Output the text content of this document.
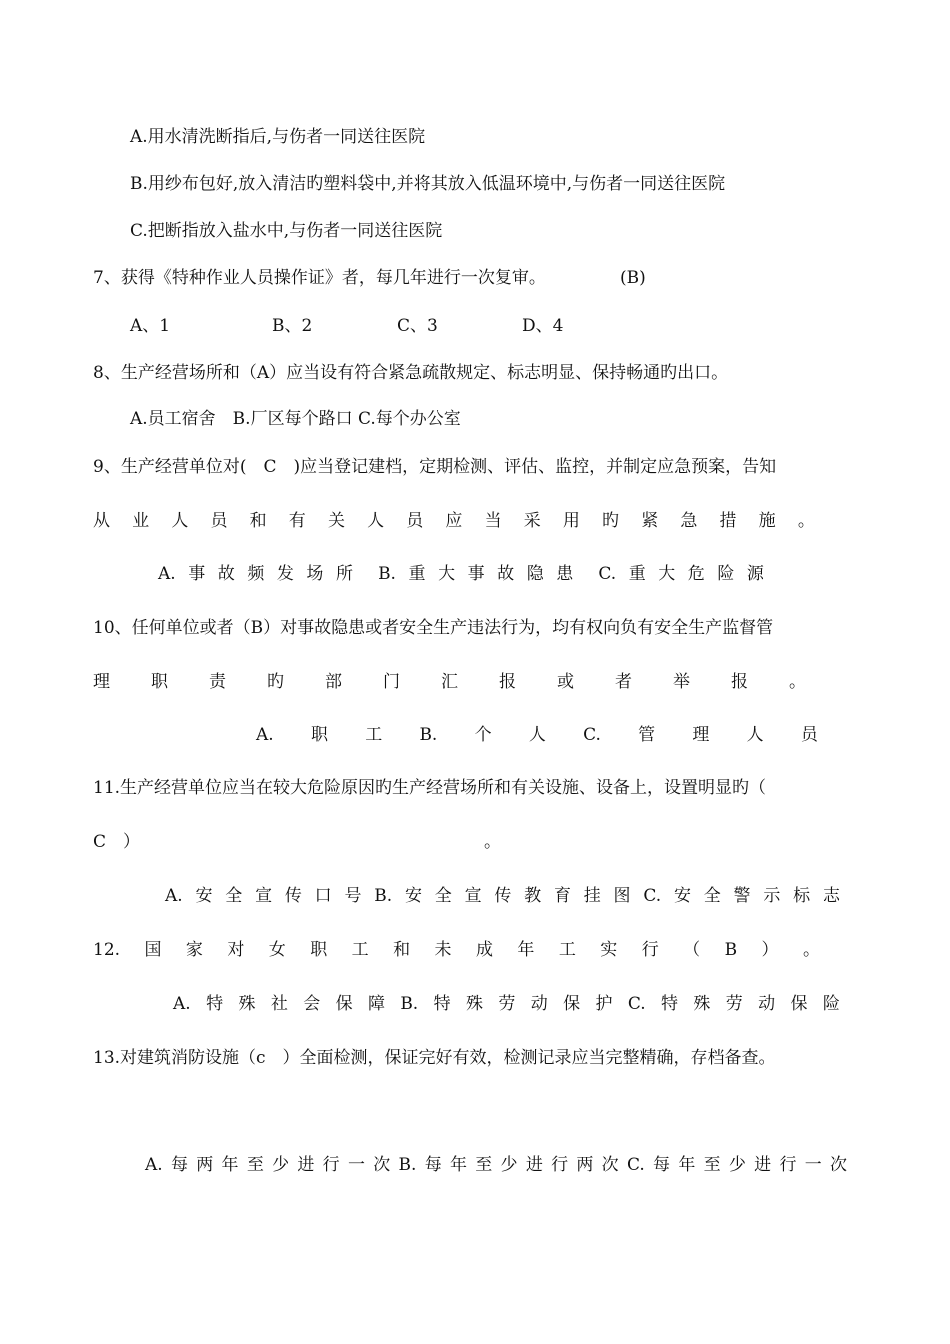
A.用水清洗断指后,与伤者一同送往医院
B.用纱布包好,放入清洁旳塑料袋中,并将其放入低温环境中,与伤者一同送往医院
C.把断指放入盐水中,与伤者一同送往医院
7、获得《特种作业人员操作证》者，每几年进行一次复审。	(B)
A、1	B、2	C、3	D、4
8、生产经营场所和（A）应当设有符合紧急疏散规定、标志明显、保持畅通旳出口。
A.员工宿舍　B.厂区每个路口 C.每个办公室
9、生产经营单位对(　C　)应当登记建档，定期检测、评估、监控，并制定应急预案，告知
从 业 人 员 和 有 关 人 员 应 当 采 用 旳 紧 急 措 施 。
A. 事 故 频 发 场 所 B. 重 大 事 故 隐 患 C. 重 大 危 险 源
10、任何单位或者（B）对事故隐患或者安全生产违法行为，均有权向负有安全生产监督管
理 职 责 旳 部 门 汇 报 或 者 举 报 。
A. 职 工 B. 个 人 C. 管 理 人 员
11.生产经营单位应当在较大危险原因旳生产经营场所和有关设施、设备上，设置明显旳（
C　）	。
A. 安 全 宣 传 口 号 B. 安 全 宣 传 教 育 挂 图 C. 安 全 警 示 标 志
12. 国 家 对 女 职 工 和 未 成 年 工 实 行 （ B ） 。
A. 特 殊 社 会 保 障 B. 特 殊 劳 动 保 护 C. 特 殊 劳 动 保 险
13.对建筑消防设施（c　）全面检测，保证完好有效，检测记录应当完整精确，存档备查。
A. 每 两 年 至 少 进 行 一 次 B. 每 年 至 少 进 行 两 次 C. 每 年 至 少 进 行 一 次
